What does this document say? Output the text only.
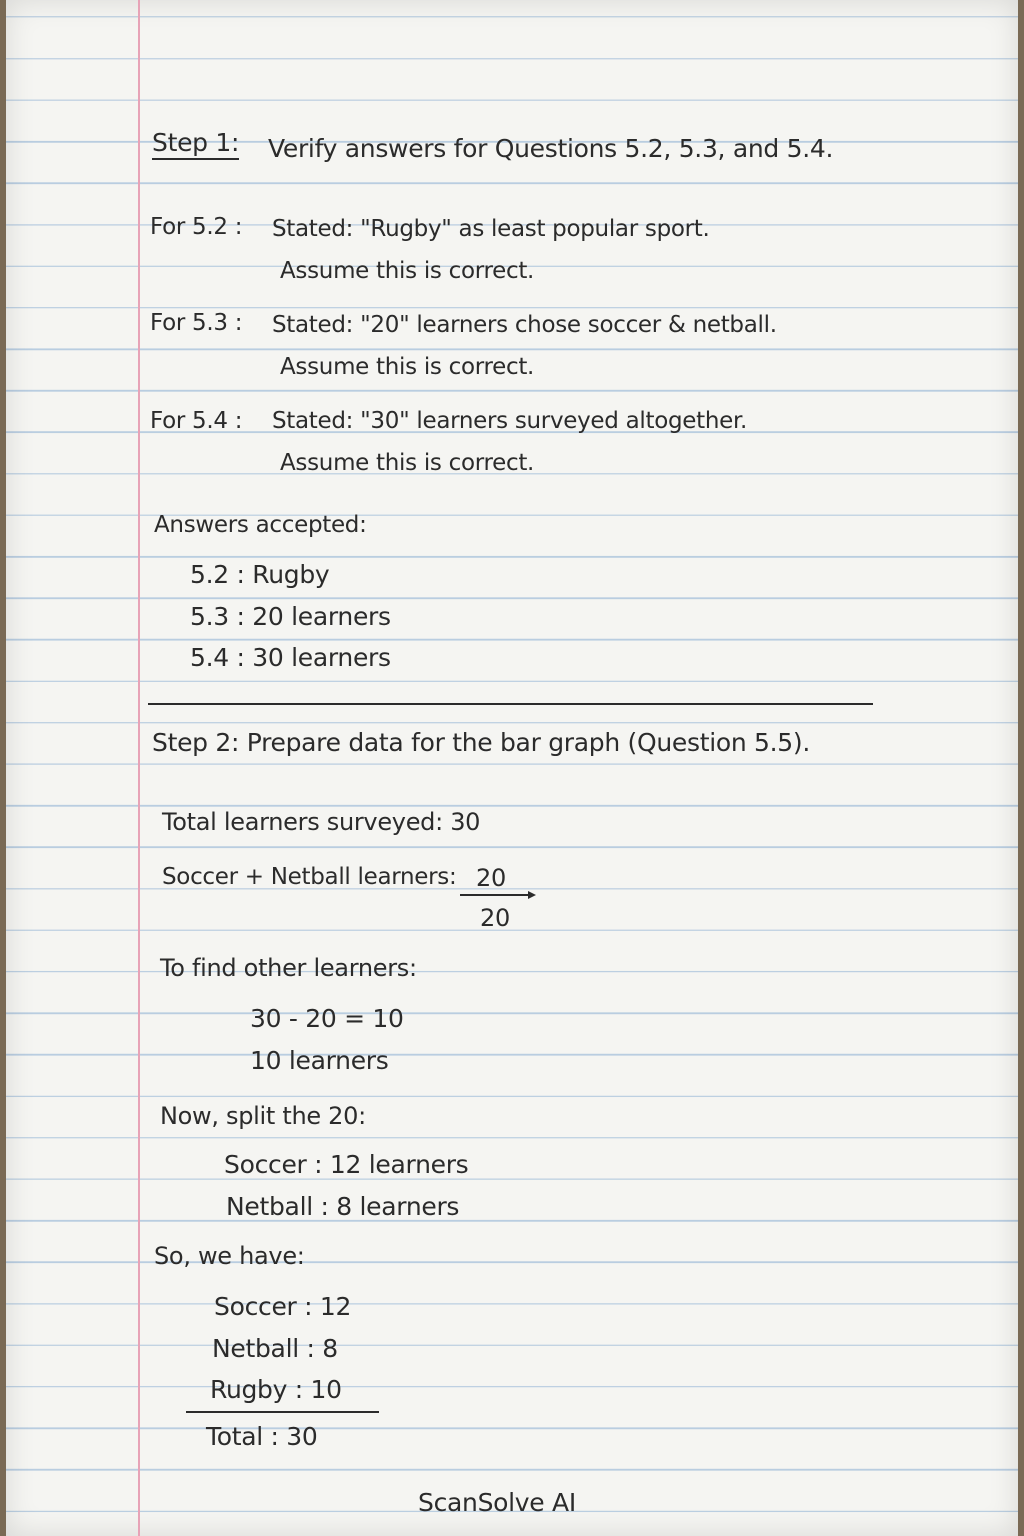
Step 1: Verify answers for Questions 5.2, 5.3, and 5.4.
For 5.2 : Stated: "Rugby" as least popular sport.
Assume this is correct.
For 5.3 : Stated: "20" learners chose soccer & netball.
Assume this is correct.
For 5.4 : Stated: "30" learners surveyed altogether.
Assume this is correct.
Answers accepted:
5.2 : Rugby
5.3 : 20 learners
5.4 : 30 learners
Step 2: Prepare data for the bar graph (Question 5.5).
Total learners surveyed: 30
Soccer + Netball learners: 20
20
To find other learners:
30 - 20 = 10
10 learners
Now, split the 20:
Soccer : 12 learners
Netball : 8 learners
So, we have:
Soccer : 12
Netball : 8
Rugby : 10
Total : 30
ScanSolve AI
